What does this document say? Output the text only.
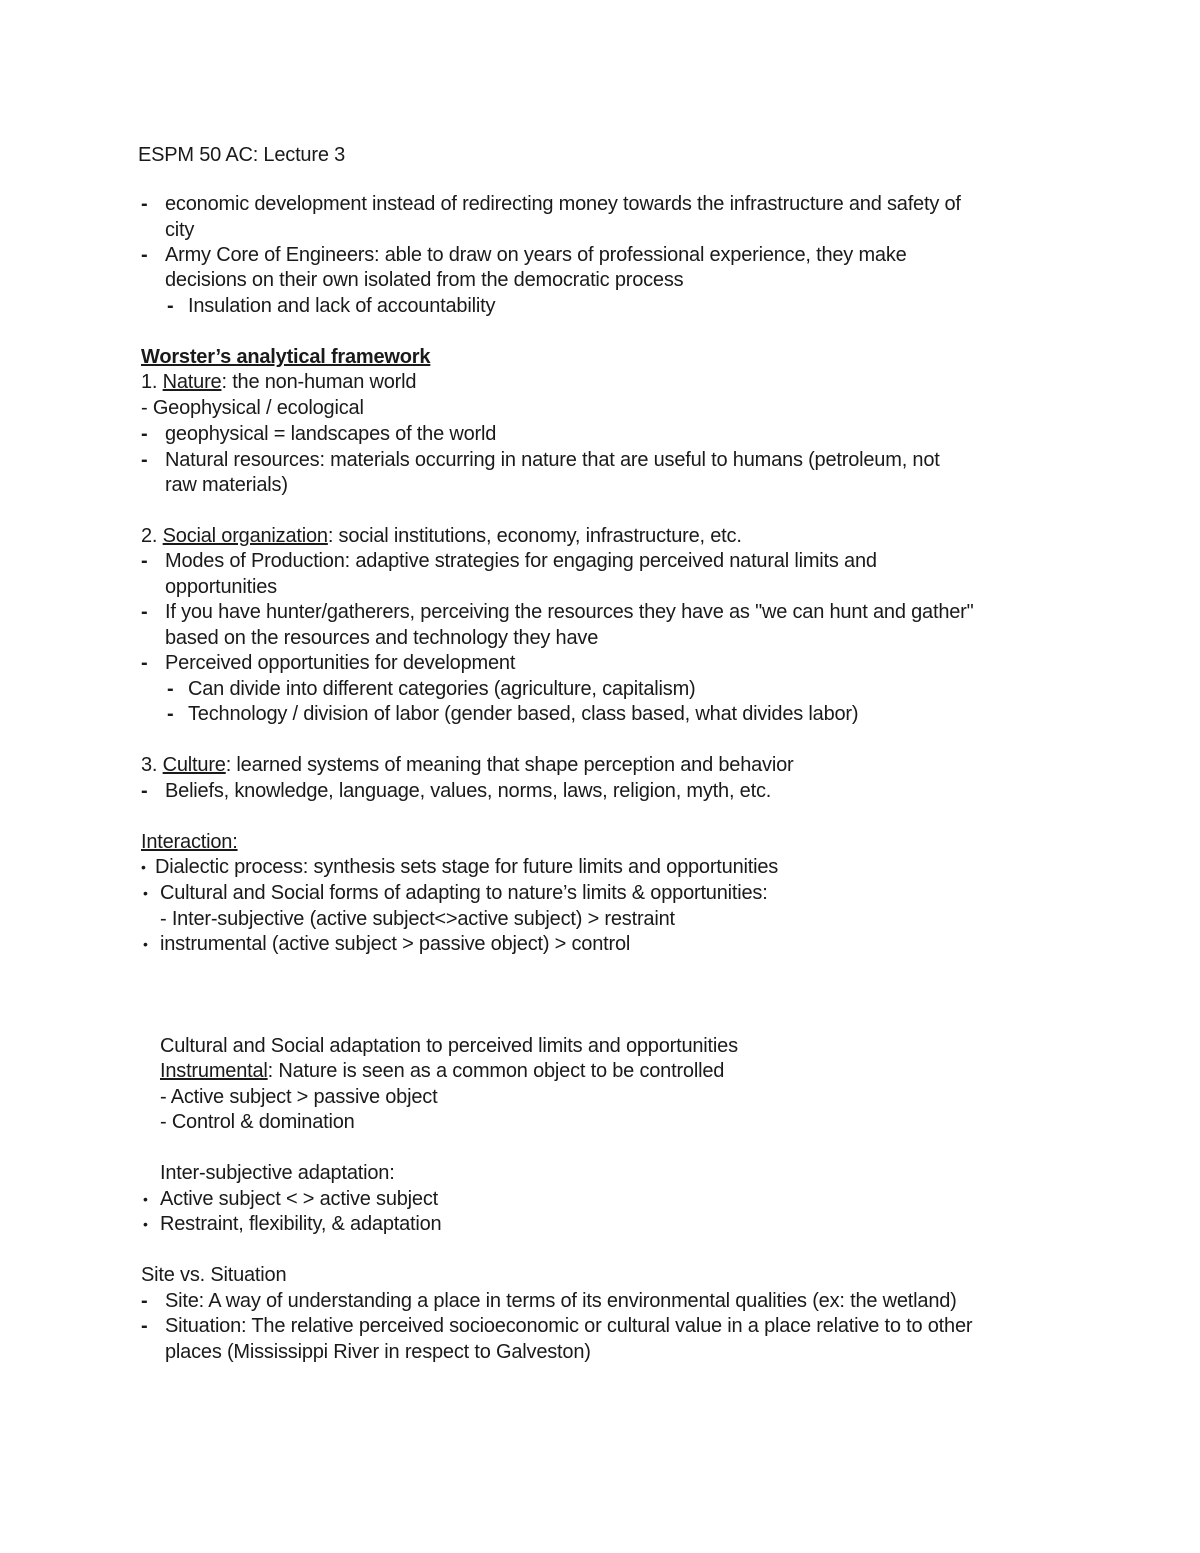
ESPM 50 AC: Lecture 3
- economic development instead of redirecting money towards the infrastructure and safety of
city
- Army Core of Engineers: able to draw on years of professional experience, they make
decisions on their own isolated from the democratic process
- Insulation and lack of accountability
Worster’s analytical framework
1. Nature: the non-human world
- Geophysical / ecological
- geophysical = landscapes of the world
- Natural resources: materials occurring in nature that are useful to humans (petroleum, not
raw materials)
2. Social organization: social institutions, economy, infrastructure, etc.
- Modes of Production: adaptive strategies for engaging perceived natural limits and
opportunities
- If you have hunter/gatherers, perceiving the resources they have as "we can hunt and gather"
based on the resources and technology they have
- Perceived opportunities for development
- Can divide into different categories (agriculture, capitalism)
- Technology / division of labor (gender based, class based, what divides labor)
3. Culture: learned systems of meaning that shape perception and behavior
- Beliefs, knowledge, language, values, norms, laws, religion, myth, etc.
Interaction:
• Dialectic process: synthesis sets stage for future limits and opportunities
• Cultural and Social forms of adapting to nature’s limits & opportunities:
- Inter-subjective (active subject<>active subject) > restraint
• instrumental (active subject > passive object) > control
Cultural and Social adaptation to perceived limits and opportunities
Instrumental: Nature is seen as a common object to be controlled
- Active subject > passive object
- Control & domination
Inter-subjective adaptation:
• Active subject < > active subject
• Restraint, flexibility, & adaptation
Site vs. Situation
- Site: A way of understanding a place in terms of its environmental qualities (ex: the wetland)
- Situation: The relative perceived socioeconomic or cultural value in a place relative to to other
places (Mississippi River in respect to Galveston)
